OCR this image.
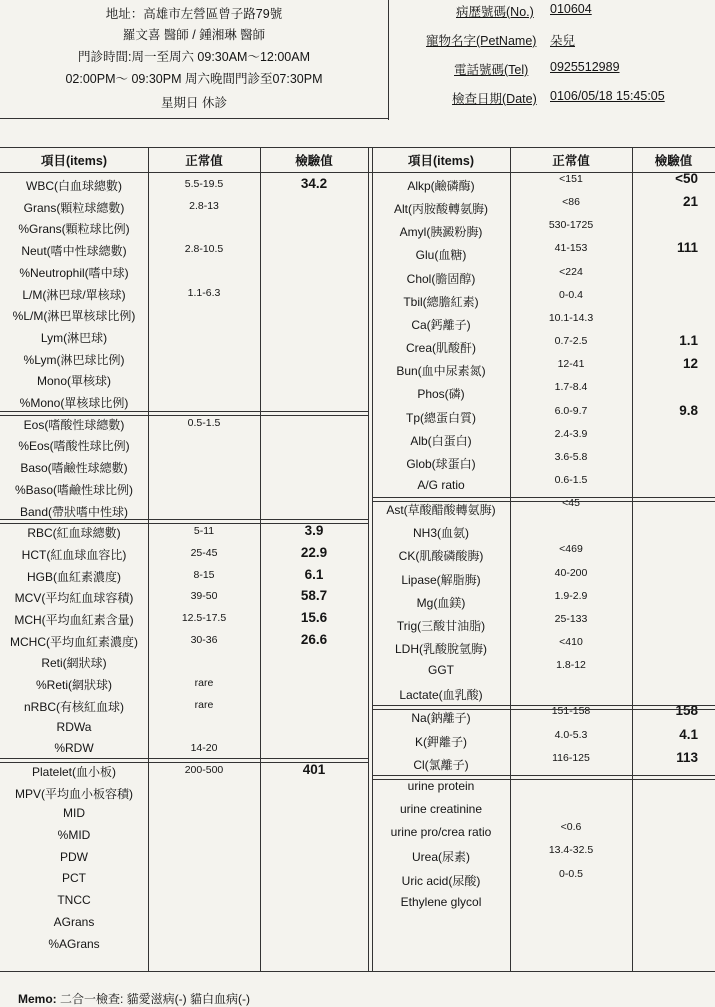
地址：高雄市左營區曾子路79號
羅文喜 醫師 / 鍾湘琳 醫師
門診時間:周一至周六 09:30AM～12:00AM
02:00PM～ 09:30PM 周六晚間門診至07:30PM
星期日 休診
病歷號碼(No.) 010604
寵物名字(PetName) 朵兒
電話號碼(Tel) 0925512989
檢查日期(Date) 0106/05/18 15:45:05
項目(items)	正常值	檢驗值	項目(items)	正常值	檢驗值
WBC(白血球總數)	5.5-19.5	34.2
Grans(顆粒球總數)	2.8-13
%Grans(顆粒球比例)
Neut(嗜中性球總數)	2.8-10.5
%Neutrophil(嗜中球)
L/M(淋巴球/單核球)	1.1-6.3
%L/M(淋巴單核球比例)
Lym(淋巴球)
%Lym(淋巴球比例)
Mono(單核球)
%Mono(單核球比例)
Eos(嗜酸性球總數)	0.5-1.5
%Eos(嗜酸性球比例)
Baso(嗜鹼性球總數)
%Baso(嗜鹼性球比例)
Band(帶狀嗜中性球)
RBC(紅血球總數)	5-11	3.9
HCT(紅血球血容比)	25-45	22.9
HGB(血紅素濃度)	8-15	6.1
MCV(平均紅血球容積)	39-50	58.7
MCH(平均血紅素含量)	12.5-17.5	15.6
MCHC(平均血紅素濃度)	30-36	26.6
Reti(網狀球)
%Reti(網狀球)	rare
nRBC(有核紅血球)	rare
RDWa
%RDW	14-20
Platelet(血小板)	200-500	401
MPV(平均血小板容積)
MID
%MID
PDW
PCT
TNCC
AGrans
%AGrans
Alkp(鹼磷酶)	<151	<50
Alt(丙胺酸轉氨脢)	<86	21
Amyl(胰澱粉脢)	530-1725
Glu(血糖)	41-153	111
Chol(膽固醇)	<224
Tbil(總膽紅素)	0-0.4
Ca(鈣離子)	10.1-14.3
Crea(肌酸酐)	0.7-2.5	1.1
Bun(血中尿素氮)	12-41	12
Phos(磷)	1.7-8.4
Tp(總蛋白質)	6.0-9.7	9.8
Alb(白蛋白)	2.4-3.9
Glob(球蛋白)	3.6-5.8
A/G ratio	0.6-1.5
Ast(草酸醋酸轉氨脢)	<45
NH3(血氨)
CK(肌酸磷酸脢)	<469
Lipase(解脂脢)	40-200
Mg(血鎂)	1.9-2.9
Trig(三酸甘油脂)	25-133
LDH(乳酸脫氫脢)	<410
GGT	1.8-12
Lactate(血乳酸)
Na(鈉離子)	151-158	158
K(鉀離子)	4.0-5.3	4.1
Cl(氯離子)	116-125	113
urine protein
urine creatinine
urine pro/crea ratio	<0.6
Urea(尿素)	13.4-32.5
Uric acid(尿酸)	0-0.5
Ethylene glycol
Memo: 二合一檢查: 貓愛滋病(-) 貓白血病(-)
